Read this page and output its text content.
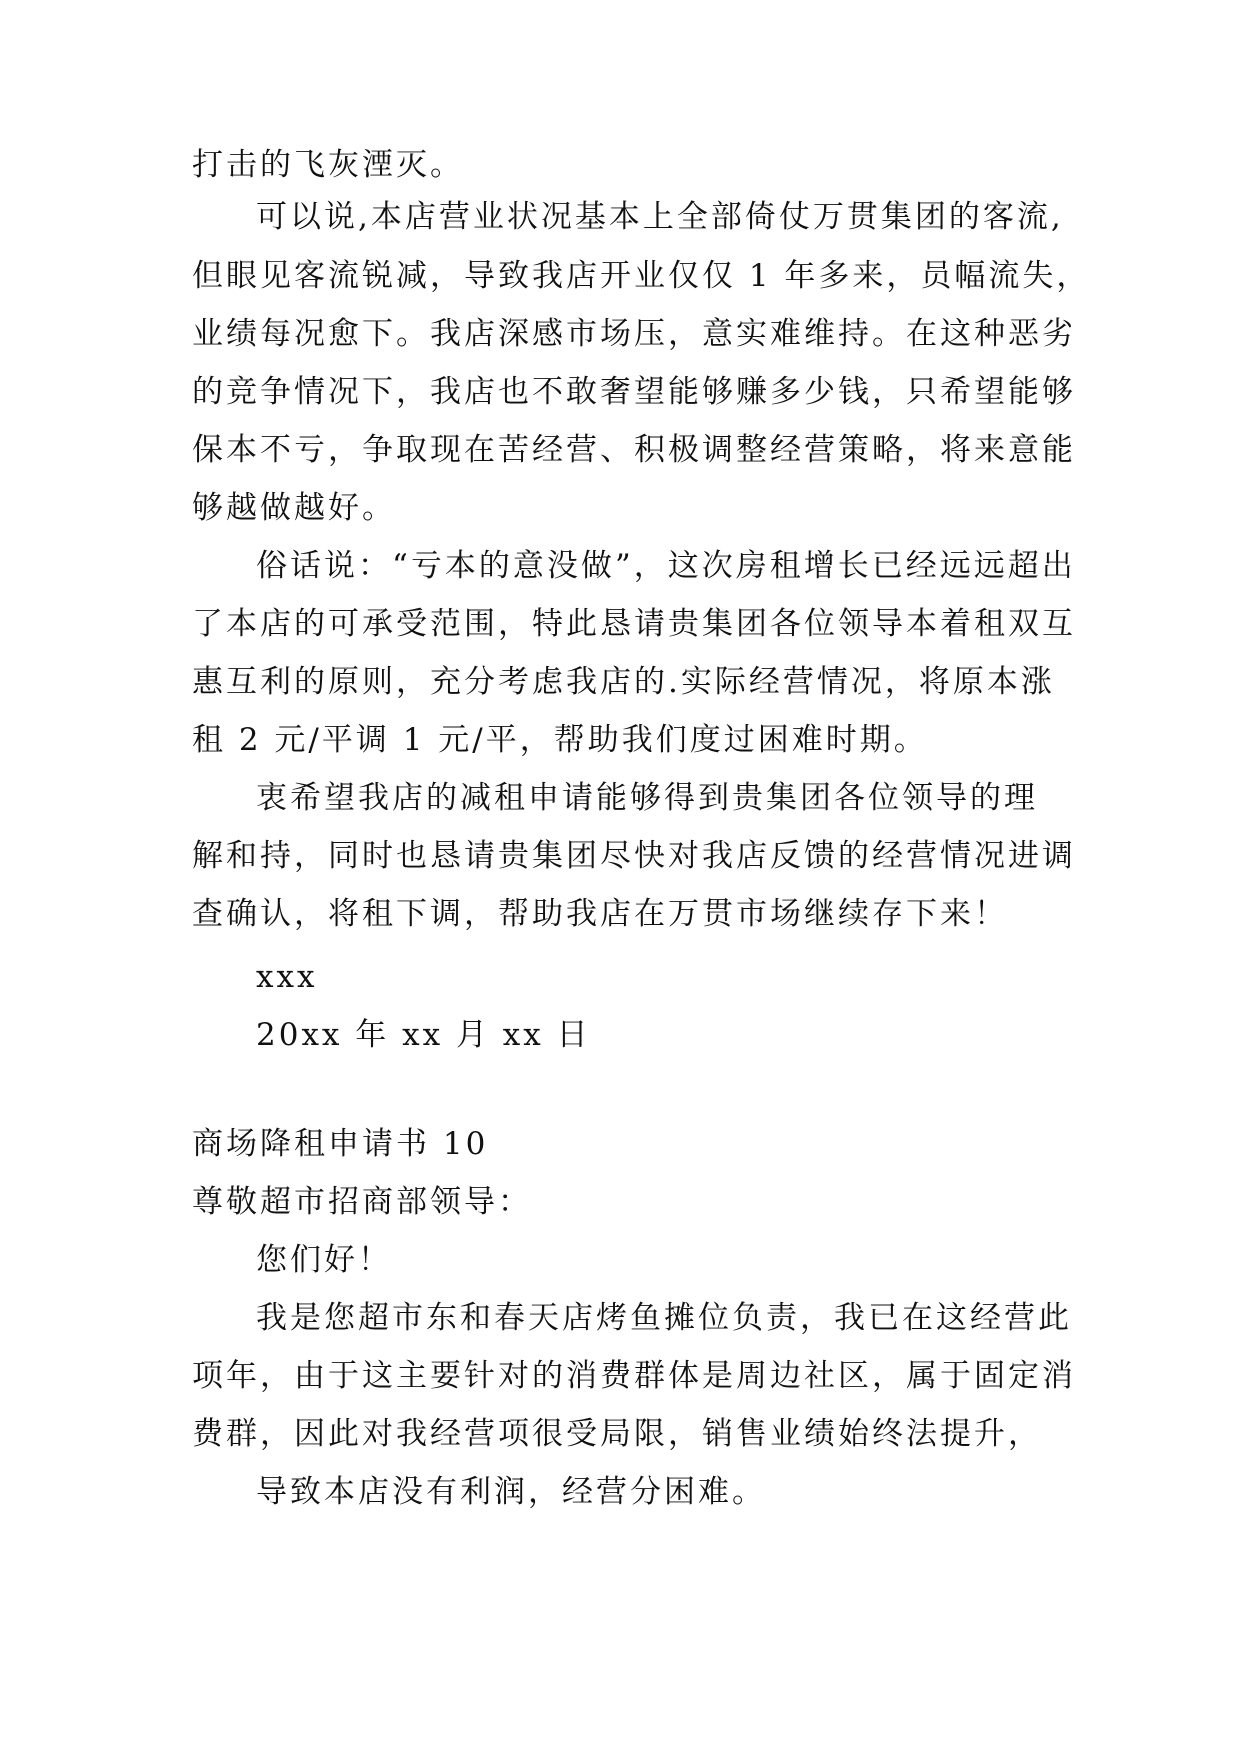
打击的飞灰湮灭。
可以说,本店营业状况基本上全部倚仗万贯集团的客流,
但眼见客流锐减，导致我店开业仅仅 1 年多来，员幅流失，
业绩每况愈下。我店深感市场压，意实难维持。在这种恶劣
的竞争情况下，我店也不敢奢望能够赚多少钱，只希望能够
保本不亏，争取现在苦经营、积极调整经营策略，将来意能
够越做越好。
俗话说：“亏本的意没做”，这次房租增长已经远远超出
了本店的可承受范围，特此恳请贵集团各位领导本着租双互
惠互利的原则，充分考虑我店的.实际经营情况，将原本涨
租 2 元/平调 1 元/平，帮助我们度过困难时期。
衷希望我店的减租申请能够得到贵集团各位领导的理
解和持，同时也恳请贵集团尽快对我店反馈的经营情况进调
查确认，将租下调，帮助我店在万贯市场继续存下来！
xxx
20xx 年 xx 月 xx 日
商场降租申请书 10
尊敬超市招商部领导：
您们好！
我是您超市东和春天店烤鱼摊位负责，我已在这经营此
项年，由于这主要针对的消费群体是周边社区，属于固定消
费群，因此对我经营项很受局限，销售业绩始终法提升，
导致本店没有利润，经营分困难。
